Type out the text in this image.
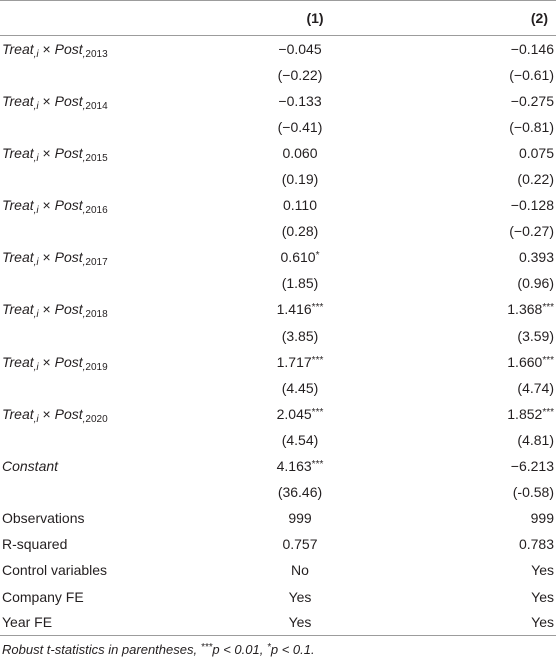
	(1)	(2)
Treat$_{,i}$ × Post$_{,2013}$	−0.045	−0.146
	(−0.22)	(−0.61)
Treat$_{,i}$ × Post$_{,2014}$	−0.133	−0.275
	(−0.41)	(−0.81)
Treat$_{,i}$ × Post$_{,2015}$	0.060	0.075
	(0.19)	(0.22)
Treat$_{,i}$ × Post$_{,2016}$	0.110	−0.128
	(0.28)	(−0.27)
Treat$_{,i}$ × Post$_{,2017}$	0.610*	0.393
	(1.85)	(0.96)
Treat$_{,i}$ × Post$_{,2018}$	1.416***	1.368***
	(3.85)	(3.59)
Treat$_{,i}$ × Post$_{,2019}$	1.717***	1.660***
	(4.45)	(4.74)
Treat$_{,i}$ × Post$_{,2020}$	2.045***	1.852***
	(4.54)	(4.81)
Constant	4.163***	−6.213
	(36.46)	(-0.58)
Observations	999	999
R-squared	0.757	0.783
Control variables	No	Yes
Company FE	Yes	Yes
Year FE	Yes	Yes
Robust t-statistics in parentheses, ***p < 0.01, *p < 0.1.
